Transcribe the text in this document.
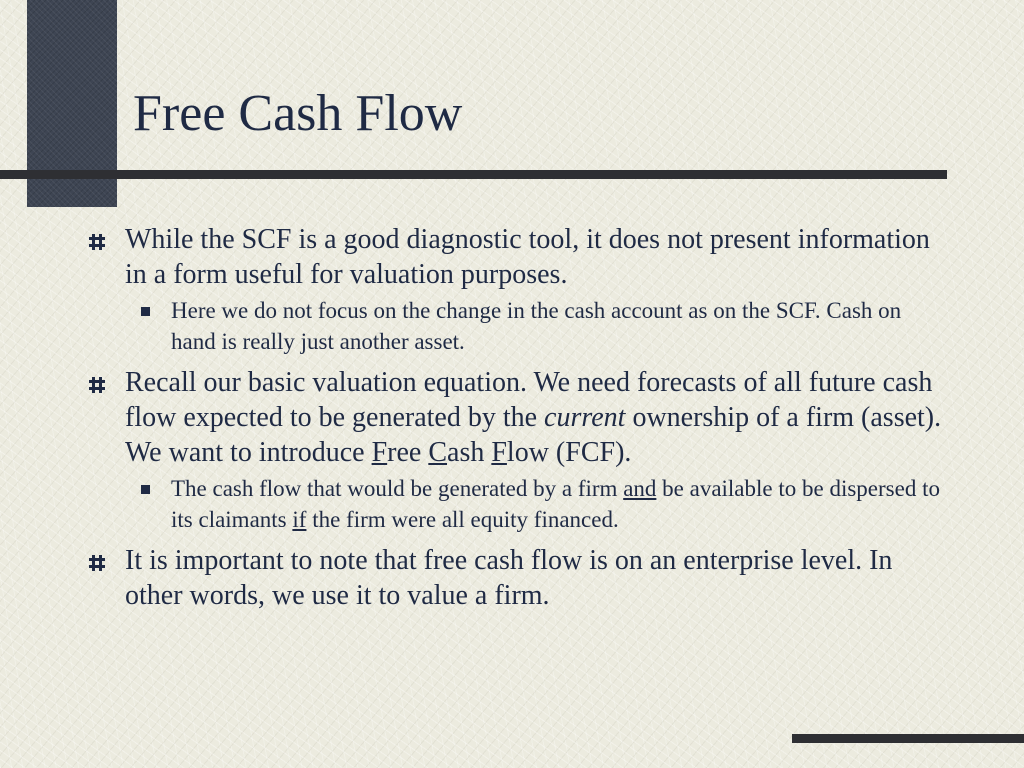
Free Cash Flow
While the SCF is a good diagnostic tool, it does not present information in a form useful for valuation purposes.
Here we do not focus on the change in the cash account as on the SCF. Cash on hand is really just another asset.
Recall our basic valuation equation. We need forecasts of all future cash flow expected to be generated by the current ownership of a firm (asset). We want to introduce Free Cash Flow (FCF).
The cash flow that would be generated by a firm and be available to be dispersed to its claimants if the firm were all equity financed.
It is important to note that free cash flow is on an enterprise level. In other words, we use it to value a firm.
